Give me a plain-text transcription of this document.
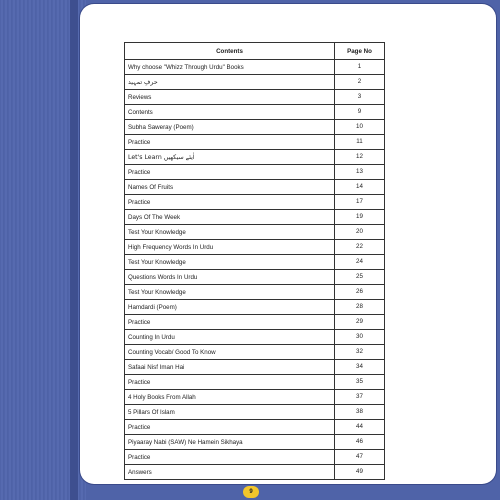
Contents	Page No
Why choose "Whizz Through Urdu" Books	1
حرفِ تمہید	2
Reviews	3
Contents	9
Subha Saweray (Poem)	10
Practice	11
Let's Learn اٰیئے سیکھیں	12
Practice	13
Names Of Fruits	14
Practice	17
Days Of The Week	19
Test Your Knowledge	20
High Frequency Words In Urdu	22
Test Your Knowledge	24
Questions Words In Urdu	25
Test Your Knowledge	26
Hamdardi (Poem)	28
Practice	29
Counting In Urdu	30
Counting Vocab/ Good To Know	32
Safaai Nisf Iman Hai	34
Practice	35
4 Holy Books From Allah	37
5 Pillars Of Islam	38
Practice	44
Piyaaray Nabi (SAW) Ne Hamein Sikhaya	46
Practice	47
Answers	49
9
